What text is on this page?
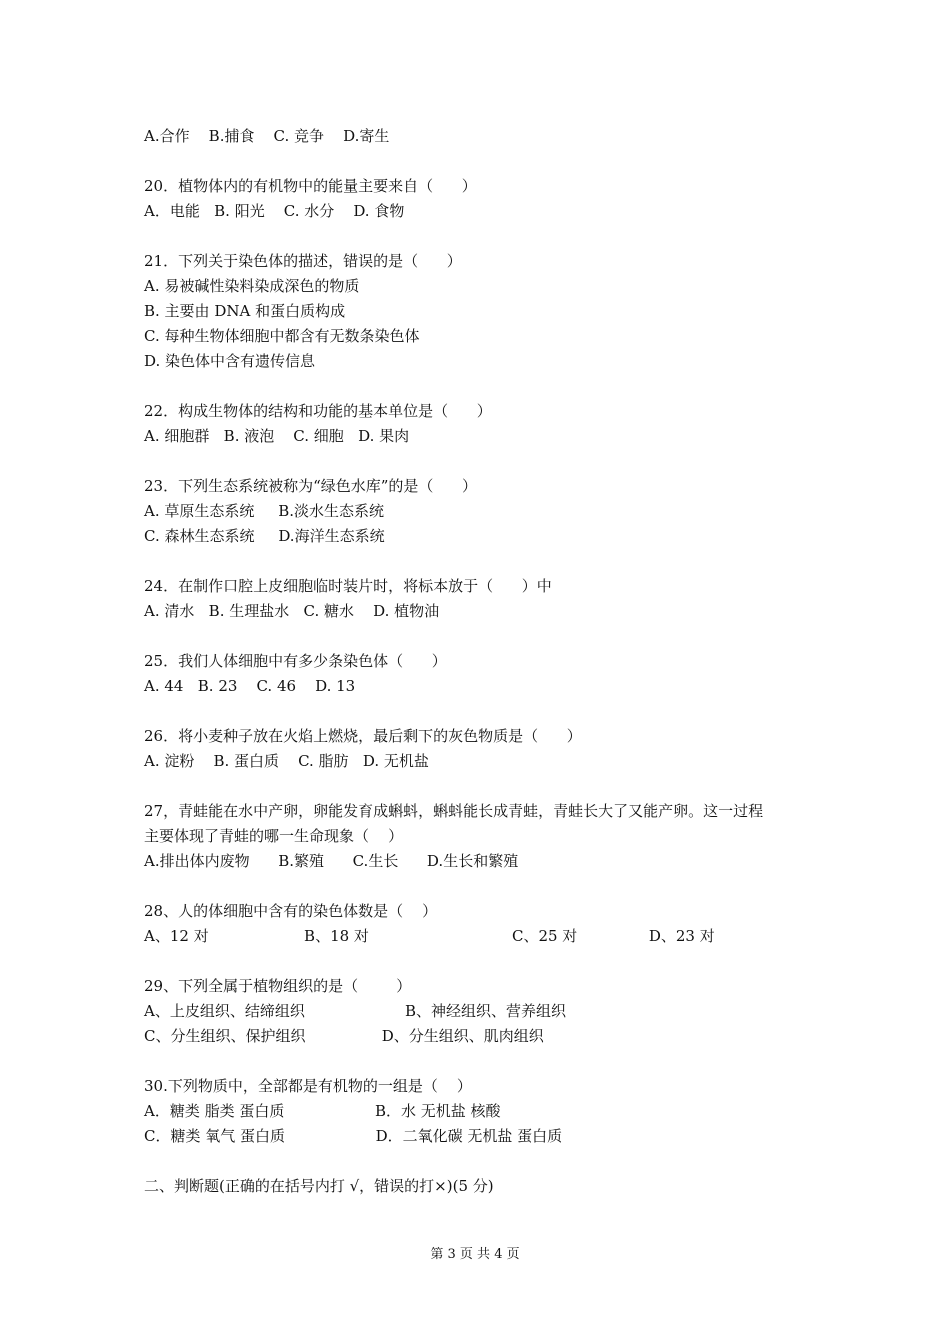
A.合作    B.捕食    C. 竞争    D.寄生
20．植物体内的有机物中的能量主要来自（      ）
A．电能   B. 阳光    C. 水分    D. 食物
21．下列关于染色体的描述，错误的是（      ）
A. 易被碱性染料染成深色的物质
B. 主要由 DNA 和蛋白质构成
C. 每种生物体细胞中都含有无数条染色体
D. 染色体中含有遗传信息
22．构成生物体的结构和功能的基本单位是（      ）
A. 细胞群   B. 液泡    C. 细胞   D. 果肉
23．下列生态系统被称为“绿色水库”的是（      ）
A. 草原生态系统     B.淡水生态系统
C. 森林生态系统     D.海洋生态系统
24．在制作口腔上皮细胞临时装片时，将标本放于（      ）中
A. 清水   B. 生理盐水   C. 糖水    D. 植物油
25．我们人体细胞中有多少条染色体（      ）
A. 44   B. 23    C. 46    D. 13
26．将小麦种子放在火焰上燃烧，最后剩下的灰色物质是（      ）
A. 淀粉    B. 蛋白质    C. 脂肪   D. 无机盐
27，青蛙能在水中产卵，卵能发育成蝌蚪，蝌蚪能长成青蛙，青蛙长大了又能产卵。这一过程
主要体现了青蛙的哪一生命现象（    ）
A.排出体内废物      B.繁殖      C.生长      D.生长和繁殖
28、人的体细胞中含有的染色体数是（    ）
A、12 对                    B、18 对                              C、25 对               D、23 对
29、下列全属于植物组织的是（        ）
A、上皮组织、结缔组织                     B、神经组织、营养组织
C、分生组织、保护组织                D、分生组织、肌肉组织
30.下列物质中，全部都是有机物的一组是（    ）
A．糖类 脂类 蛋白质                   B．水 无机盐 核酸
C．糖类 氧气 蛋白质                   D．二氧化碳 无机盐 蛋白质
二、判断题(正确的在括号内打 √，错误的打×)(5 分)
第 3 页 共 4 页
